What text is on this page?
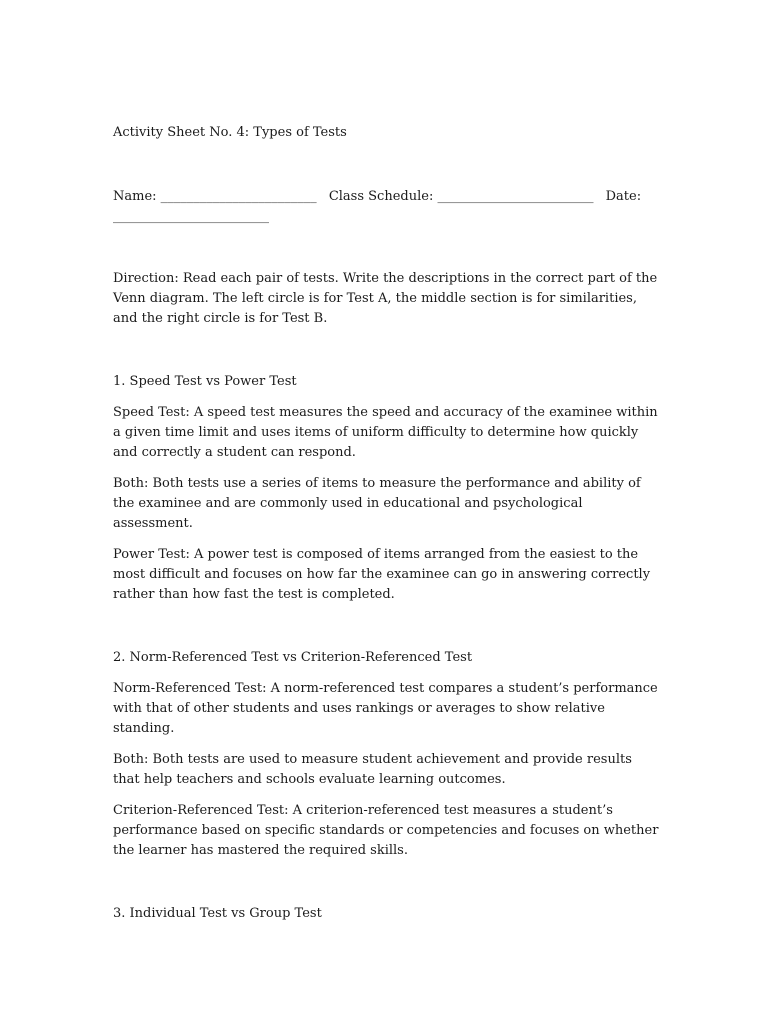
Activity Sheet No. 4: Types of Tests

Name: ________________________ Class Schedule: ________________________ Date: ________________________

Direction: Read each pair of tests. Write the descriptions in the correct part of the Venn diagram. The left circle is for Test A, the middle section is for similarities, and the right circle is for Test B.

1. Speed Test vs Power Test

Speed Test: A speed test measures the speed and accuracy of the examinee within a given time limit and uses items of uniform difficulty to determine how quickly and correctly a student can respond.

Both: Both tests use a series of items to measure the performance and ability of the examinee and are commonly used in educational and psychological assessment.

Power Test: A power test is composed of items arranged from the easiest to the most difficult and focuses on how far the examinee can go in answering correctly rather than how fast the test is completed.

2. Norm-Referenced Test vs Criterion-Referenced Test

Norm-Referenced Test: A norm-referenced test compares a student’s performance with that of other students and uses rankings or averages to show relative standing.

Both: Both tests are used to measure student achievement and provide results that help teachers and schools evaluate learning outcomes.

Criterion-Referenced Test: A criterion-referenced test measures a student’s performance based on specific standards or competencies and focuses on whether the learner has mastered the required skills.

3. Individual Test vs Group Test
